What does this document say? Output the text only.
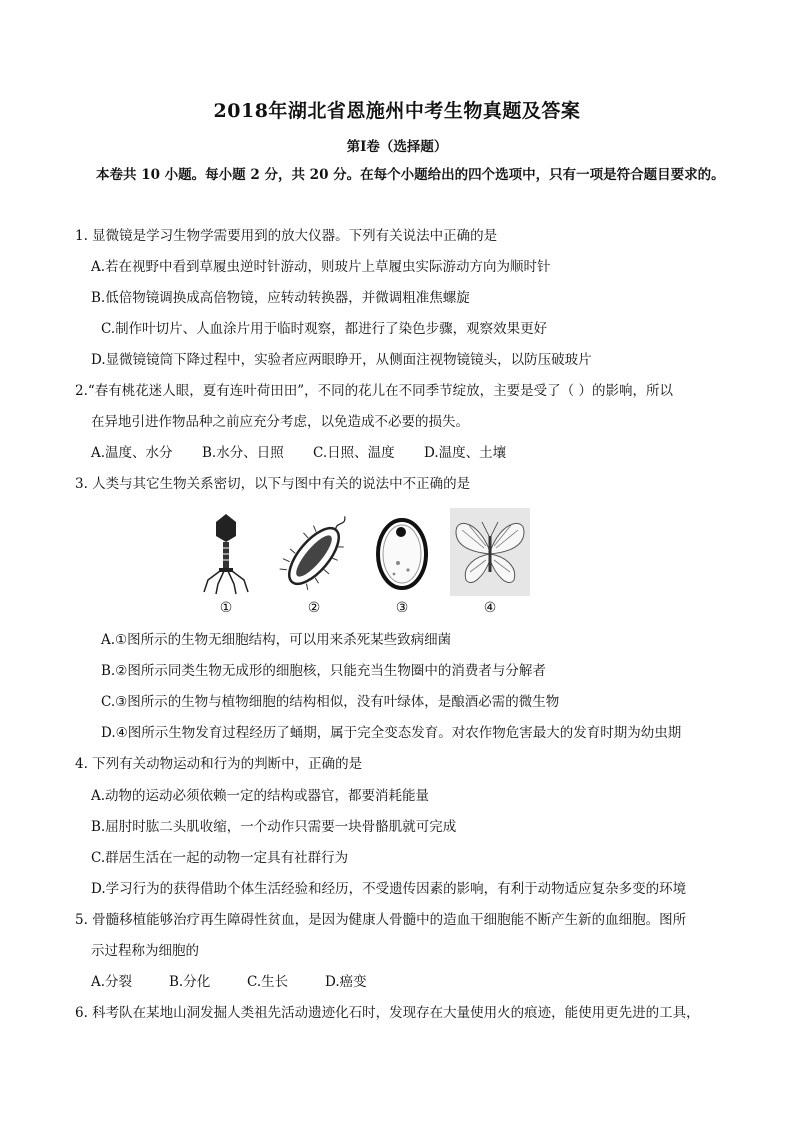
2018年湖北省恩施州中考生物真题及答案
第Ⅰ卷（选择题）
本卷共 10 小题。每小题 2 分，共 20 分。在每个小题给出的四个选项中，只有一项是符合题目要求的。
1. 显微镜是学习生物学需要用到的放大仪器。下列有关说法中正确的是
A.若在视野中看到草履虫逆时针游动，则玻片上草履虫实际游动方向为顺时针
B.低倍物镜调换成高倍物镜，应转动转换器，并微调粗准焦螺旋
C.制作叶切片、人血涂片用于临时观察，都进行了染色步骤，观察效果更好
D.显微镜镜筒下降过程中，实验者应两眼睁开，从侧面注视物镜镜头，以防压破玻片
2.“春有桃花迷人眼，夏有连叶荷田田”，不同的花儿在不同季节绽放，主要是受了（ ）的影响，所以
在异地引进作物品种之前应充分考虑，以免造成不必要的损失。
A.温度、水分 B.水分、日照 C.日照、温度 D.温度、土壤
3. 人类与其它生物关系密切，以下与图中有关的说法中不正确的是
①	②	③	④
A.①图所示的生物无细胞结构，可以用来杀死某些致病细菌
B.②图所示同类生物无成形的细胞核，只能充当生物圈中的消费者与分解者
C.③图所示的生物与植物细胞的结构相似，没有叶绿体，是酿酒必需的微生物
D.④图所示生物发育过程经历了蛹期，属于完全变态发育。对农作物危害最大的发育时期为幼虫期
4. 下列有关动物运动和行为的判断中，正确的是
A.动物的运动必须依赖一定的结构或器官，都要消耗能量
B.屈肘时肱二头肌收缩，一个动作只需要一块骨骼肌就可完成
C.群居生活在一起的动物一定具有社群行为
D.学习行为的获得借助个体生活经验和经历，不受遗传因素的影响，有利于动物适应复杂多变的环境
5. 骨髓移植能够治疗再生障碍性贫血，是因为健康人骨髓中的造血干细胞能不断产生新的血细胞。图所
示过程称为细胞的
A.分裂	B.分化	C.生长	D.癌变
6. 科考队在某地山洞发掘人类祖先活动遗迹化石时，发现存在大量使用火的痕迹，能使用更先进的工具，
